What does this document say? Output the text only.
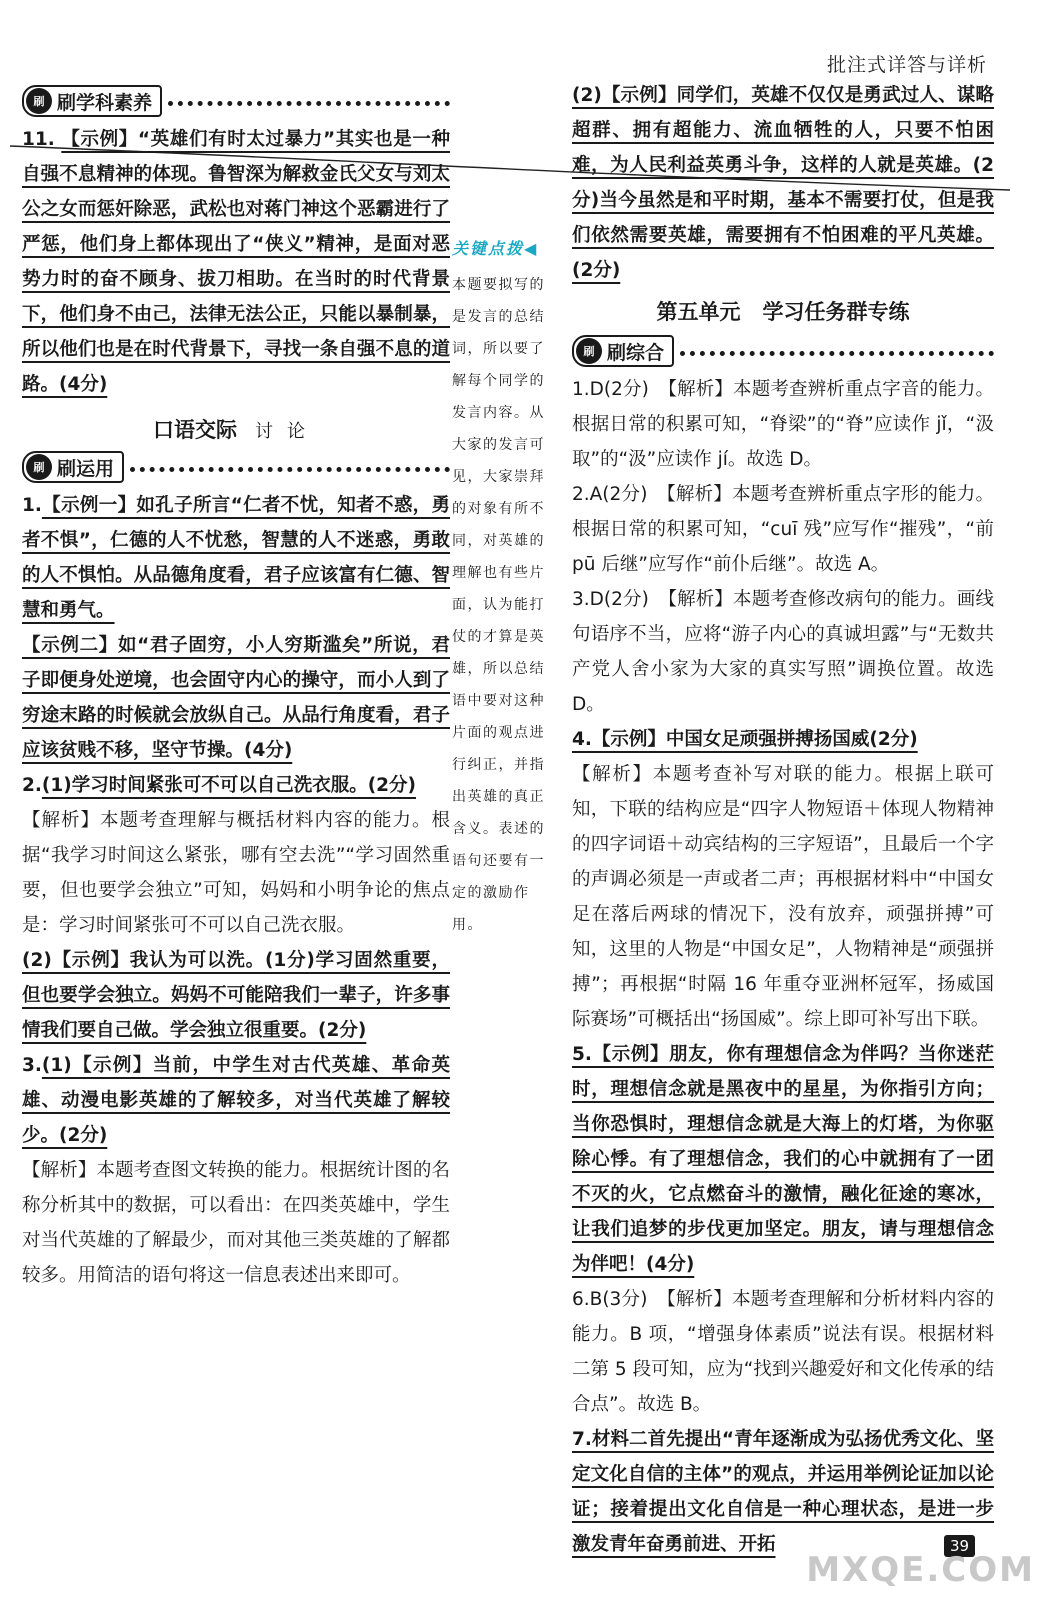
批注式详答与详析
刷 刷学科素养

11. 【示例】“英雄们有时太过暴力”其实也是一种自强不息精神的体现。鲁智深为解救金氏父女与刘太公之女而惩奸除恶，武松也对蒋门神这个恶霸进行了严惩，他们身上都体现出了“侠义”精神，是面对恶势力时的奋不顾身、拔刀相助。在当时的时代背景下，他们身不由己，法律无法公正，只能以暴制暴，所以他们也是在时代背景下，寻找一条自强不息的道路。(4分)

口语交际 讨论
刷 刷运用

1.【示例一】如孔子所言“仁者不忧，知者不惑，勇者不惧”，仁德的人不忧愁，智慧的人不迷惑，勇敢的人不惧怕。从品德角度看，君子应该富有仁德、智慧和勇气。

【示例二】如“君子固穷，小人穷斯滥矣”所说，君子即便身处逆境，也会固守内心的操守，而小人到了穷途末路的时候就会放纵自己。从品行角度看，君子应该贫贱不移，坚守节操。(4分)

2.(1)学习时间紧张可不可以自己洗衣服。(2分)

【解析】本题考查理解与概括材料内容的能力。根据“我学习时间这么紧张，哪有空去洗”“学习固然重要，但也要学会独立”可知，妈妈和小明争论的焦点是：学习时间紧张可不可以自己洗衣服。

(2)【示例】我认为可以洗。(1分)学习固然重要，但也要学会独立。妈妈不可能陪我们一辈子，许多事情我们要自己做。学会独立很重要。(2分)

3.(1)【示例】当前，中学生对古代英雄、革命英雄、动漫电影英雄的了解较多，对当代英雄了解较少。(2分)

【解析】本题考查图文转换的能力。根据统计图的名称分析其中的数据，可以看出：在四类英雄中，学生对当代英雄的了解最少，而对其他三类英雄的了解都较多。用简洁的语句将这一信息表述出来即可。

关键点拨◀
本题要拟写的是发言的总结词，所以要了解每个同学的发言内容。从大家的发言可见，大家崇拜的对象有所不同，对英雄的理解也有些片面，认为能打仗的才算是英雄，所以总结语中要对这种片面的观点进行纠正，并指出英雄的真正含义。表述的语句还要有一定的激励作用。

(2)【示例】同学们，英雄不仅仅是勇武过人、谋略超群、拥有超能力、流血牺牲的人，只要不怕困难，为人民利益英勇斗争，这样的人就是英雄。(2分)当今虽然是和平时期，基本不需要打仗，但是我们依然需要英雄，需要拥有不怕困难的平凡英雄。(2分)

第五单元 学习任务群专练
刷 刷综合

1.D(2分)　【解析】本题考查辨析重点字音的能力。根据日常的积累可知，“脊梁”的“脊”应读作 jǐ，“汲取”的“汲”应读作 jí。故选 D。

2.A(2分)　【解析】本题考查辨析重点字形的能力。根据日常的积累可知，“cuī 残”应写作“摧残”，“前 pū 后继”应写作“前仆后继”。故选 A。

3.D(2分)　【解析】本题考查修改病句的能力。画线句语序不当，应将“游子内心的真诚坦露”与“无数共产党人舍小家为大家的真实写照”调换位置。故选 D。

4.【示例】中国女足顽强拼搏扬国威(2分)

【解析】本题考查补写对联的能力。根据上联可知，下联的结构应是“四字人物短语＋体现人物精神的四字词语＋动宾结构的三字短语”，且最后一个字的声调必须是一声或者二声；再根据材料中“中国女足在落后两球的情况下，没有放弃，顽强拼搏”可知，这里的人物是“中国女足”，人物精神是“顽强拼搏”；再根据“时隔 16 年重夺亚洲杯冠军，扬威国际赛场”可概括出“扬国威”。综上即可补写出下联。

5.【示例】朋友，你有理想信念为伴吗？当你迷茫时，理想信念就是黑夜中的星星，为你指引方向；当你恐惧时，理想信念就是大海上的灯塔，为你驱除心悸。有了理想信念，我们的心中就拥有了一团不灭的火，它点燃奋斗的激情，融化征途的寒冰，让我们追梦的步伐更加坚定。朋友，请与理想信念为伴吧！(4分)

6.B(3分)　【解析】本题考查理解和分析材料内容的能力。B 项，“增强身体素质”说法有误。根据材料二第 5 段可知，应为“找到兴趣爱好和文化传承的结合点”。故选 B。

7.材料二首先提出“青年逐渐成为弘扬优秀文化、坚定文化自信的主体”的观点，并运用举例论证加以论证；接着提出文化自信是一种心理状态，是进一步激发青年奋勇前进、开拓	39
MXQE.COM
